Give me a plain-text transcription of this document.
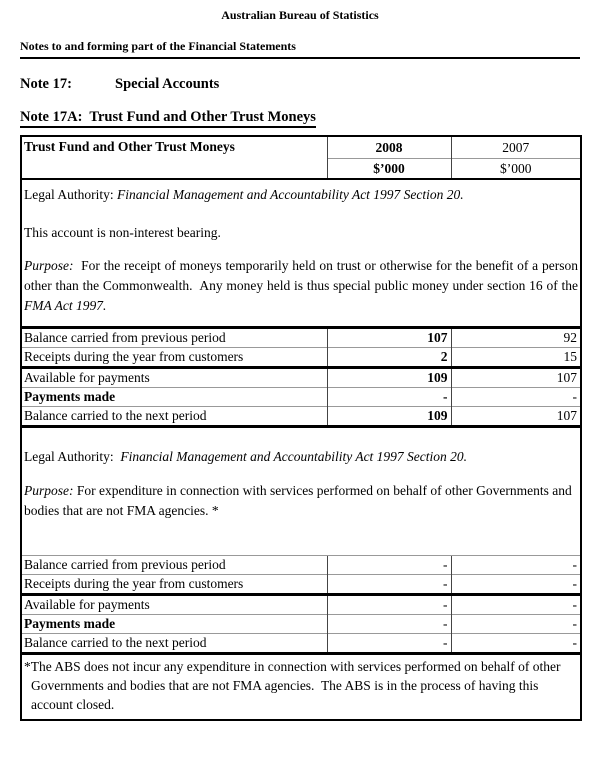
Australian Bureau of Statistics
Notes to and forming part of the Financial Statements
Note 17:	Special Accounts
Note 17A:  Trust Fund and Other Trust Moneys
Trust Fund and Other Trust Moneys	2008	2007
	$’000	$’000

Legal Authority: Financial Management and Accountability Act 1997 Section 20.

This account is non-interest bearing.

Purpose:  For the receipt of moneys temporarily held on trust or otherwise for the benefit of a person other than the Commonwealth.  Any money held is thus special public money under section 16 of the FMA Act 1997.		

Balance carried from previous period	107	92
Receipts during the year from customers	2	15
Available for payments	109	107
Payments made	-	-
Balance carried to the next period	109	107

Legal Authority:  Financial Management and Accountability Act 1997 Section 20.

Purpose: For expenditure in connection with services performed on behalf of other Governments and bodies that are not FMA agencies. *		

Balance carried from previous period	-	-
Receipts during the year from customers	-	-
Available for payments	-	-
Payments made	-	-
Balance carried to the next period	-	-

*The ABS does not incur any expenditure in connection with services performed on behalf of other Governments and bodies that are not FMA agencies.  The ABS is in the process of having this account closed.		
